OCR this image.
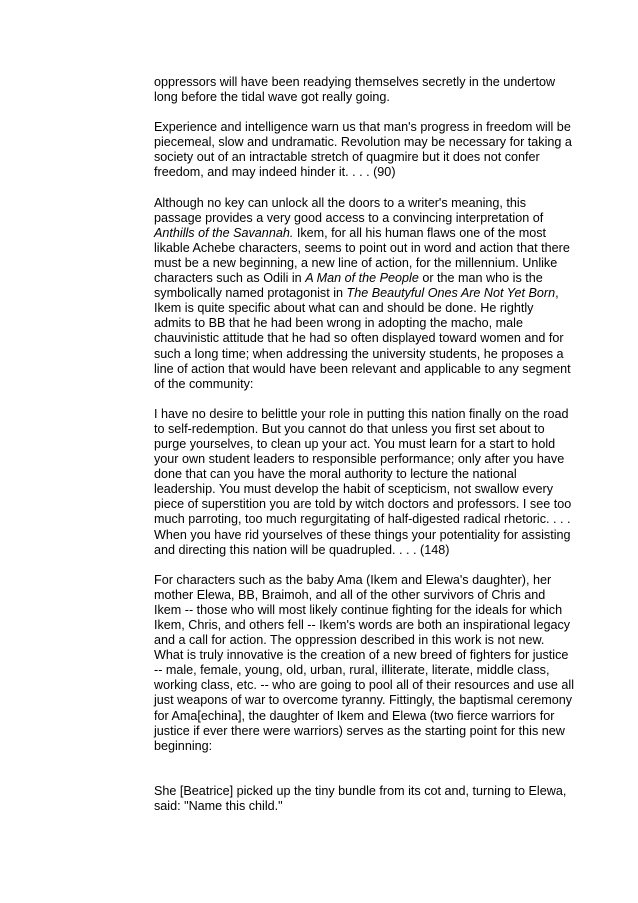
oppressors will have been readying themselves secretly in the undertow long before the tidal wave got really going.

Experience and intelligence warn us that man's progress in freedom will be piecemeal, slow and undramatic. Revolution may be necessary for taking a society out of an intractable stretch of quagmire but it does not confer freedom, and may indeed hinder it. . . . (90)

Although no key can unlock all the doors to a writer's meaning, this passage provides a very good access to a convincing interpretation of Anthills of the Savannah. Ikem, for all his human flaws one of the most likable Achebe characters, seems to point out in word and action that there must be a new beginning, a new line of action, for the millennium. Unlike characters such as Odili in A Man of the People or the man who is the symbolically named protagonist in The Beautyful Ones Are Not Yet Born, Ikem is quite specific about what can and should be done. He rightly admits to BB that he had been wrong in adopting the macho, male chauvinistic attitude that he had so often displayed toward women and for such a long time; when addressing the university students, he proposes a line of action that would have been relevant and applicable to any segment of the community:

I have no desire to belittle your role in putting this nation finally on the road to self-redemption. But you cannot do that unless you first set about to purge yourselves, to clean up your act. You must learn for a start to hold your own student leaders to responsible performance; only after you have done that can you have the moral authority to lecture the national leadership. You must develop the habit of scepticism, not swallow every piece of superstition you are told by witch doctors and professors. I see too much parroting, too much regurgitating of half-digested radical rhetoric. . . . When you have rid yourselves of these things your potentiality for assisting and directing this nation will be quadrupled. . . . (148)

For characters such as the baby Ama (Ikem and Elewa's daughter), her mother Elewa, BB, Braimoh, and all of the other survivors of Chris and Ikem -- those who will most likely continue fighting for the ideals for which Ikem, Chris, and others fell -- Ikem's words are both an inspirational legacy and a call for action. The oppression described in this work is not new. What is truly innovative is the creation of a new breed of fighters for justice -- male, female, young, old, urban, rural, illiterate, literate, middle class, working class, etc. -- who are going to pool all of their resources and use all just weapons of war to overcome tyranny. Fittingly, the baptismal ceremony for Ama[echina], the daughter of Ikem and Elewa (two fierce warriors for justice if ever there were warriors) serves as the starting point for this new beginning:

She [Beatrice] picked up the tiny bundle from its cot and, turning to Elewa, said: "Name this child."
